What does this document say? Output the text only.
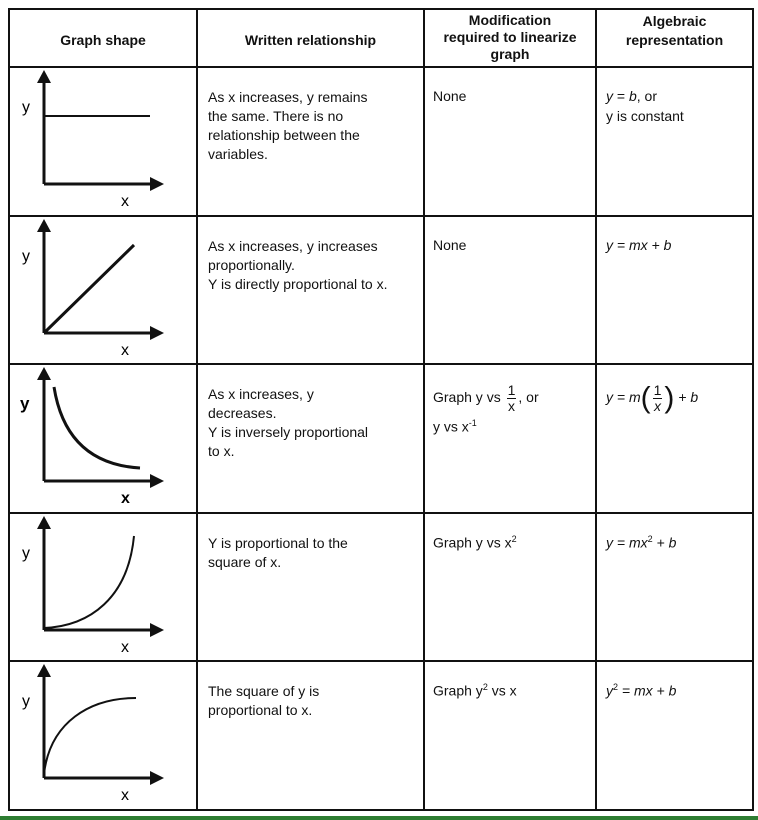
Graph shape	Written relationship	Modification
required to linearize
graph	Algebraic
representation

y
x	As x increases, y remains
the same. There is no
relationship between the
variables.	None	y = b, or
y is constant

y
x	As x increases, y increases
proportionally.
Y is directly proportional to x.	None	y = mx + b

y
x	As x increases, y
decreases.
Y is inversely proportional
to x.	Graph y vs $\frac{1}{x}$ , or
y vs $x^{-1}$	$y = m( \frac{1}{x}$ ) + b

y
x	Y is proportional to the
square of x.	Graph y vs $x^2$	$y = mx^2 + b$

y
x	The square of y is
proportional to x.	Graph $y^2$ vs x	$y^2$ = mx + b
